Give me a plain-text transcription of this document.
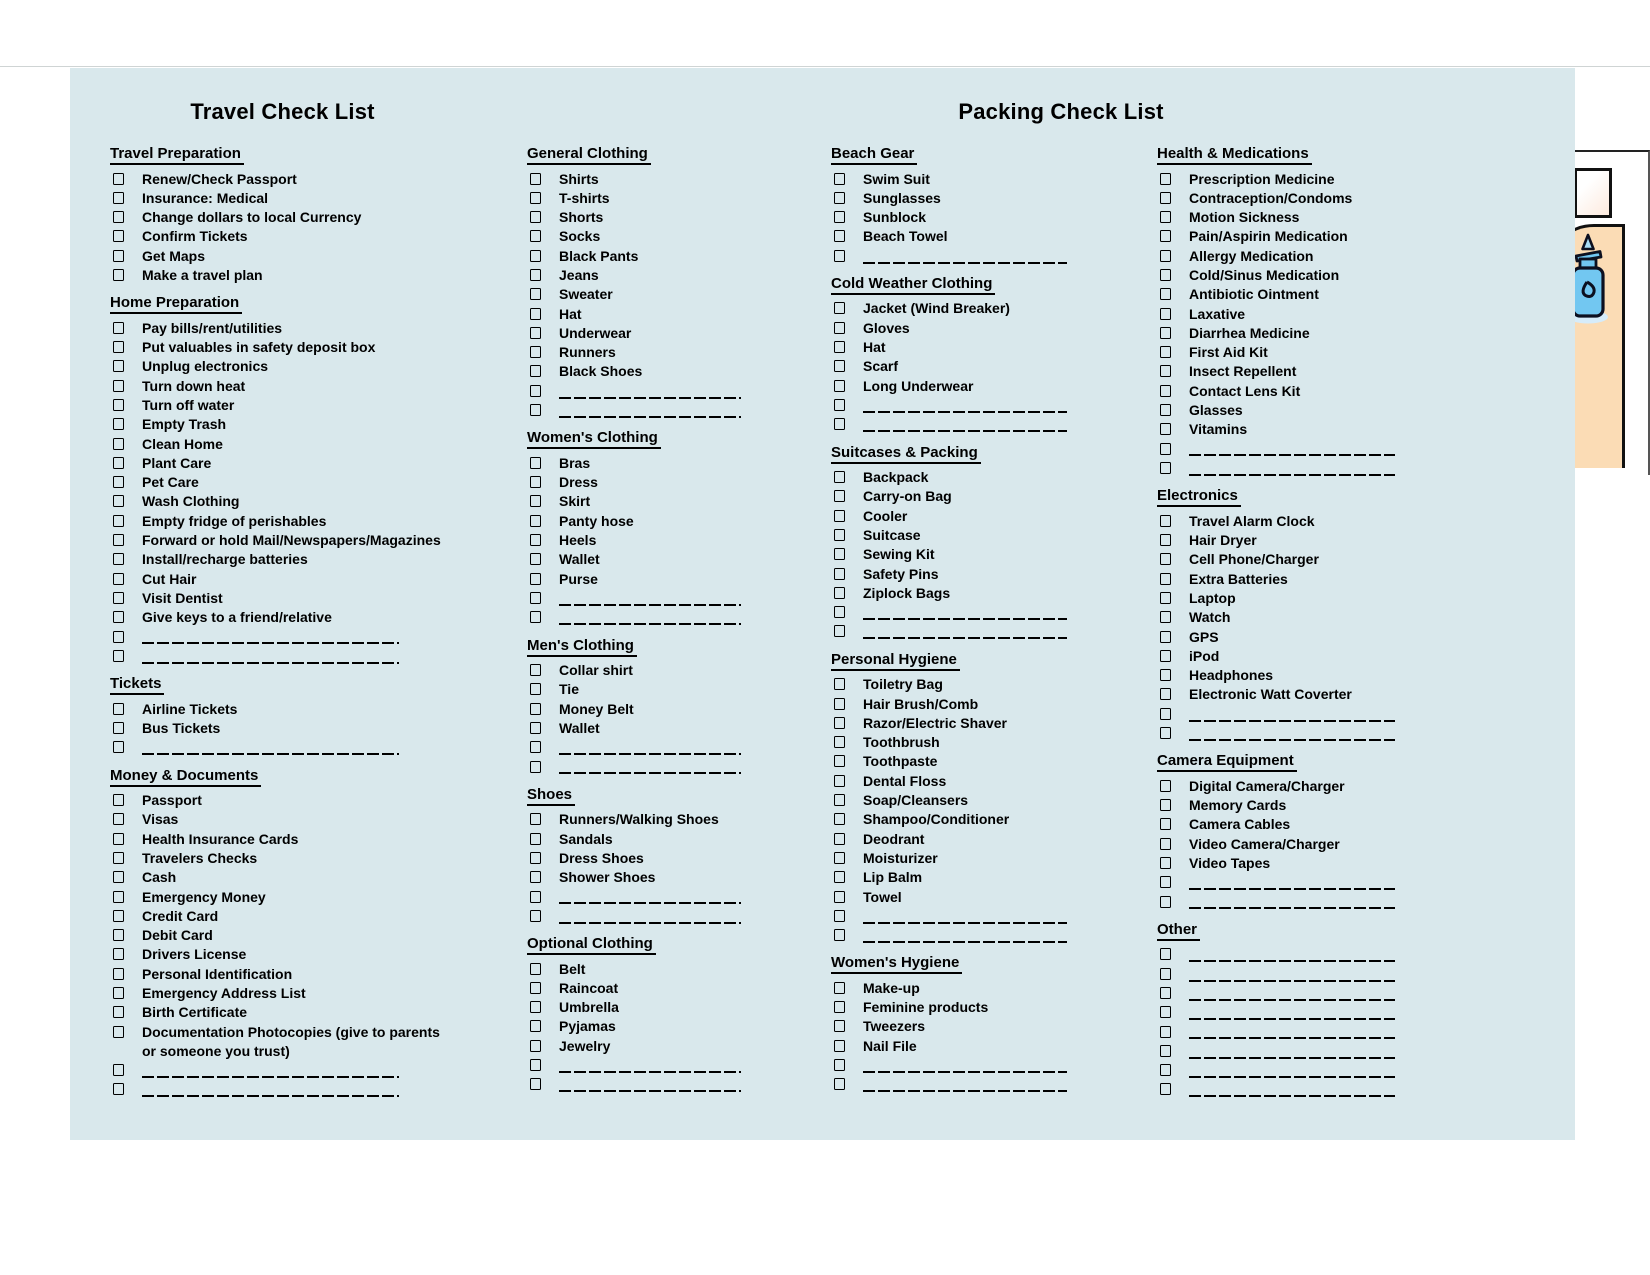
Travel Check List	Packing Check List
Travel Preparation
Renew/Check Passport
Insurance: Medical
Change dollars to local Currency
Confirm Tickets
Get Maps
Make a travel plan
Home Preparation
Pay bills/rent/utilities
Put valuables in safety deposit box
Unplug electronics
Turn down heat
Turn off water
Empty Trash
Clean Home
Plant Care
Pet Care
Wash Clothing
Empty fridge of perishables
Forward or hold Mail/Newspapers/Magazines
Install/recharge batteries
Cut Hair
Visit Dentist
Give keys to a friend/relative
Tickets
Airline Tickets
Bus Tickets
Money & Documents
Passport
Visas
Health Insurance Cards
Travelers Checks
Cash
Emergency Money
Credit Card
Debit Card
Drivers License
Personal Identification
Emergency Address List
Birth Certificate
Documentation Photocopies (give to parents or someone you trust)
General Clothing
Shirts
T-shirts
Shorts
Socks
Black Pants
Jeans
Sweater
Hat
Underwear
Runners
Black Shoes
Women's Clothing
Bras
Dress
Skirt
Panty hose
Heels
Wallet
Purse
Men's Clothing
Collar shirt
Tie
Money Belt
Wallet
Shoes
Runners/Walking Shoes
Sandals
Dress Shoes
Shower Shoes
Optional Clothing
Belt
Raincoat
Umbrella
Pyjamas
Jewelry
Beach Gear
Swim Suit
Sunglasses
Sunblock
Beach Towel
Cold Weather Clothing
Jacket (Wind Breaker)
Gloves
Hat
Scarf
Long Underwear
Suitcases & Packing
Backpack
Carry-on Bag
Cooler
Suitcase
Sewing Kit
Safety Pins
Ziplock Bags
Personal Hygiene
Toiletry Bag
Hair Brush/Comb
Razor/Electric Shaver
Toothbrush
Toothpaste
Dental Floss
Soap/Cleansers
Shampoo/Conditioner
Deodrant
Moisturizer
Lip Balm
Towel
Women's Hygiene
Make-up
Feminine products
Tweezers
Nail File
Health & Medications
Prescription Medicine
Contraception/Condoms
Motion Sickness
Pain/Aspirin Medication
Allergy Medication
Cold/Sinus Medication
Antibiotic Ointment
Laxative
Diarrhea Medicine
First Aid Kit
Insect Repellent
Contact Lens Kit
Glasses
Vitamins
Electronics
Travel Alarm Clock
Hair Dryer
Cell Phone/Charger
Extra Batteries
Laptop
Watch
GPS
iPod
Headphones
Electronic Watt Coverter
Camera Equipment
Digital Camera/Charger
Memory Cards
Camera Cables
Video Camera/Charger
Video Tapes
Other
